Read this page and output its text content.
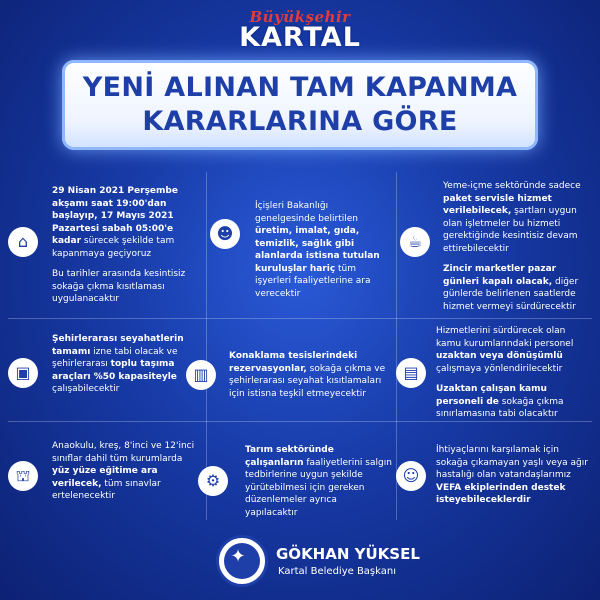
Büyükşehir
KARTAL
YENİ ALINAN TAM KAPANMA
KARARLARINA GÖRE
⌂

29 Nisan 2021 Perşembe akşamı saat 19:00'dan başlayıp, 17 Mayıs 2021 Pazartesi sabah 05:00'e kadar sürecek şekilde tam kapanmaya geçiyoruz

Bu tarihler arasında kesintisiz sokağa çıkma kısıtlaması uygulanacaktır

☻

İçişleri Bakanlığı genelgesinde belirtilen üretim, imalat, gıda, temizlik, sağlık gibi alanlarda istisna tutulan kuruluşlar hariç tüm işyerleri faaliyetlerine ara verecektir

☕

Yeme-içme sektöründe sadece paket servisle hizmet verilebilecek, şartları uygun olan işletmeler bu hizmeti gerektiğinde kesintisiz devam ettirebilecektir

Zincir marketler pazar günleri kapalı olacak, diğer günlerde belirlenen saatlerde hizmet vermeyi sürdürecektir

▣

Şehirlerarası seyahatlerin tamamı izne tabi olacak ve şehirlerarası toplu taşıma araçları %50 kapasiteyle çalışabilecektir

▥

Konaklama tesislerindeki rezervasyonlar, sokağa çıkma ve şehirlerarası seyahat kısıtlamaları için istisna teşkil etmeyecektir

▤

Hizmetlerini sürdürecek olan kamu kurumlarındaki personel uzaktan veya dönüşümlü çalışmaya yönlendirilecektir

Uzaktan çalışan kamu personeli de sokağa çıkma sınırlamasına tabi olacaktır

⛫

Anaokulu, kreş, 8'inci ve 12'inci sınıflar dahil tüm kurumlarda yüz yüze eğitime ara verilecek, tüm sınavlar ertelenecektir

⚙

Tarım sektöründe çalışanların faaliyetlerini salgın tedbirlerine uygun şekilde yürütebilmesi için gereken düzenlemeler ayrıca yapılacaktır

☺

İhtiyaçlarını karşılamak için sokağa çıkamayan yaşlı veya ağır hastalığı olan vatandaşlarımız VEFA ekiplerinden destek isteyebileceklerdir

✦ GÖKHAN YÜKSEL
Kartal Belediye Başkanı
